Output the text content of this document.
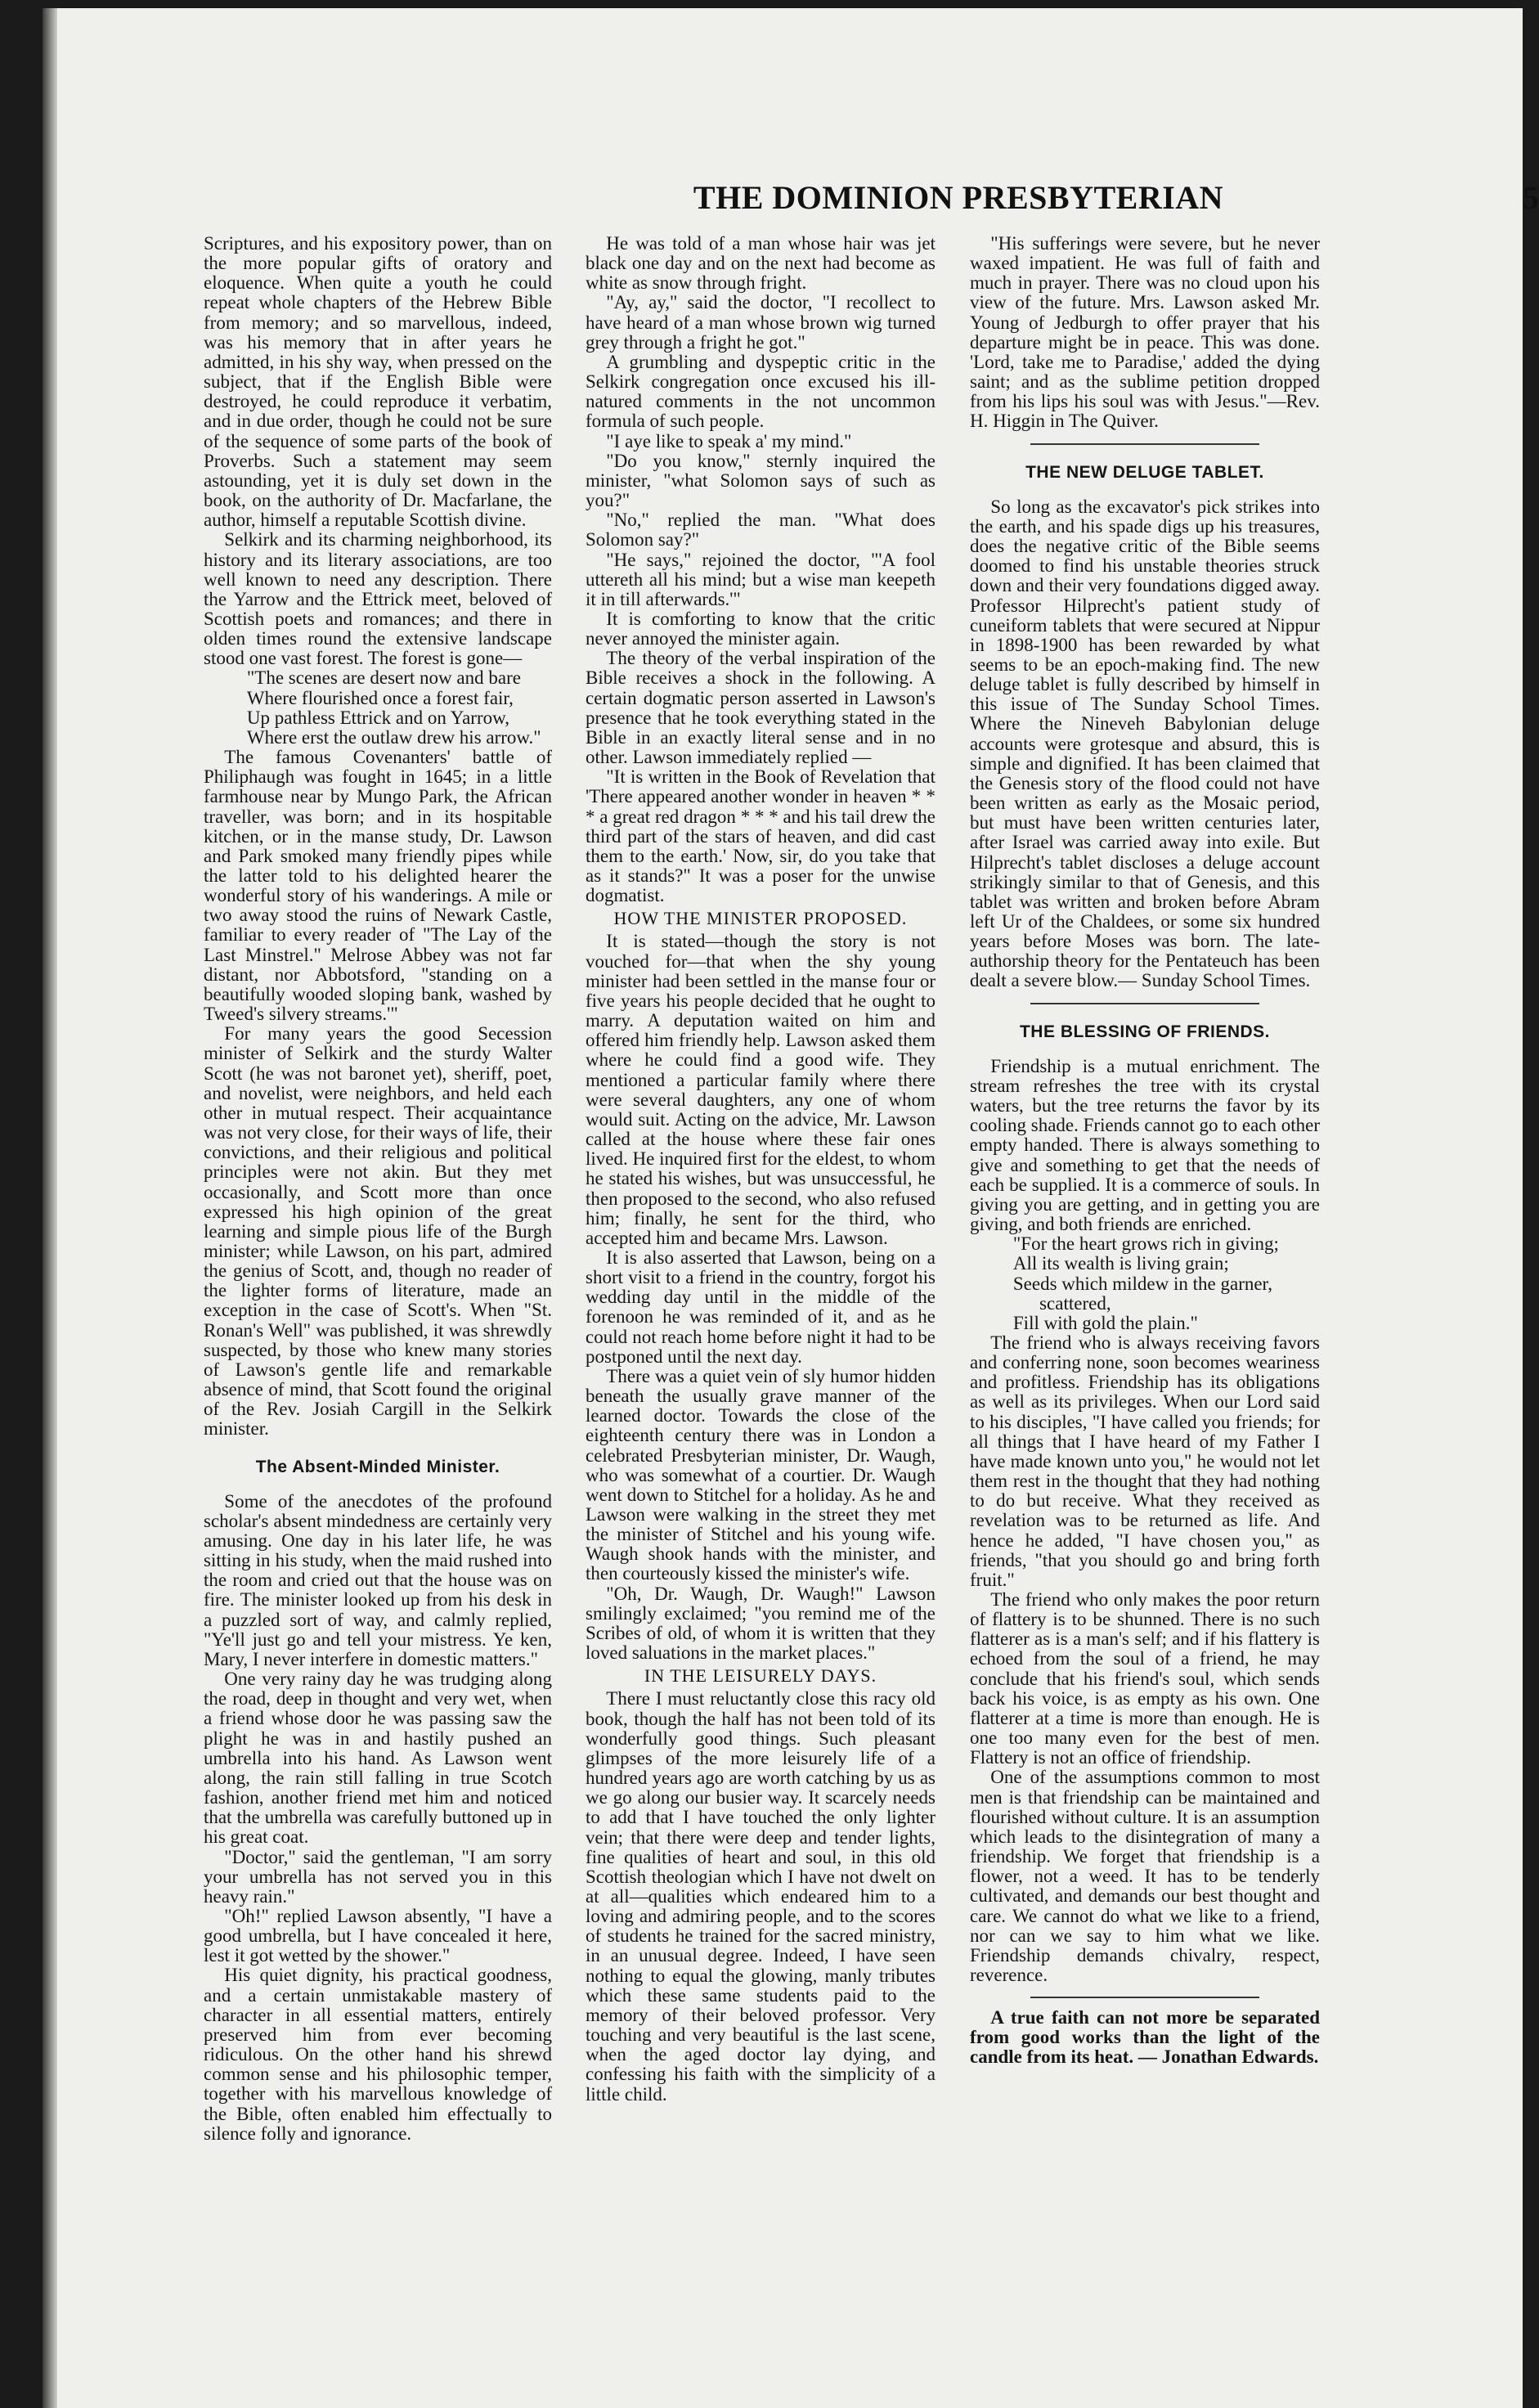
THE DOMINION PRESBYTERIAN	5

Scriptures, and his expository power, than on the more popular gifts of oratory and eloquence. When quite a youth he could repeat whole chapters of the Hebrew Bible from memory; and so marvellous, indeed, was his memory that in after years he admitted, in his shy way, when pressed on the subject, that if the English Bible were destroyed, he could reproduce it verbatim, and in due order, though he could not be sure of the sequence of some parts of the book of Proverbs. Such a statement may seem astounding, yet it is duly set down in the book, on the authority of Dr. Macfarlane, the author, himself a reputable Scottish divine.

Selkirk and its charming neighborhood, its history and its literary associations, are too well known to need any description. There the Yarrow and the Ettrick meet, beloved of Scottish poets and romances; and there in olden times round the extensive landscape stood one vast forest. The forest is gone—

"The scenes are desert now and bare

Where flourished once a forest fair,

Up pathless Ettrick and on Yarrow,

Where erst the outlaw drew his arrow."

The famous Covenanters' battle of Philiphaugh was fought in 1645; in a little farmhouse near by Mungo Park, the African traveller, was born; and in its hospitable kitchen, or in the manse study, Dr. Lawson and Park smoked many friendly pipes while the latter told to his delighted hearer the wonderful story of his wanderings. A mile or two away stood the ruins of Newark Castle, familiar to every reader of "The Lay of the Last Minstrel." Melrose Abbey was not far distant, nor Abbotsford, "standing on a beautifully wooded sloping bank, washed by Tweed's silvery streams.'"

For many years the good Secession minister of Selkirk and the sturdy Walter Scott (he was not baronet yet), sheriff, poet, and novelist, were neighbors, and held each other in mutual respect. Their acquaintance was not very close, for their ways of life, their convictions, and their religious and political principles were not akin. But they met occasionally, and Scott more than once expressed his high opinion of the great learning and simple pious life of the Burgh minister; while Lawson, on his part, admired the genius of Scott, and, though no reader of the lighter forms of literature, made an exception in the case of Scott's. When "St. Ronan's Well" was published, it was shrewdly suspected, by those who knew many stories of Lawson's gentle life and remarkable absence of mind, that Scott found the original of the Rev. Josiah Cargill in the Selkirk minister.

The Absent-Minded Minister.

Some of the anecdotes of the profound scholar's absent mindedness are certainly very amusing. One day in his later life, he was sitting in his study, when the maid rushed into the room and cried out that the house was on fire. The minister looked up from his desk in a puzzled sort of way, and calmly replied, "Ye'll just go and tell your mistress. Ye ken, Mary, I never interfere in domestic matters."

One very rainy day he was trudging along the road, deep in thought and very wet, when a friend whose door he was passing saw the plight he was in and hastily pushed an umbrella into his hand. As Lawson went along, the rain still falling in true Scotch fashion, another friend met him and noticed that the umbrella was carefully buttoned up in his great coat.

"Doctor," said the gentleman, "I am sorry your umbrella has not served you in this heavy rain."

"Oh!" replied Lawson absently, "I have a good umbrella, but I have concealed it here, lest it got wetted by the shower."

His quiet dignity, his practical goodness, and a certain unmistakable mastery of character in all essential matters, entirely preserved him from ever becoming ridiculous. On the other hand his shrewd common sense and his philosophic temper, together with his marvellous knowledge of the Bible, often enabled him effectually to silence folly and ignorance.

He was told of a man whose hair was jet black one day and on the next had become as white as snow through fright.

"Ay, ay," said the doctor, "I recollect to have heard of a man whose brown wig turned grey through a fright he got."

A grumbling and dyspeptic critic in the Selkirk congregation once excused his ill-natured comments in the not uncommon formula of such people.

"I aye like to speak a' my mind."

"Do you know," sternly inquired the minister, "what Solomon says of such as you?"

"No," replied the man. "What does Solomon say?"

"He says," rejoined the doctor, "'A fool uttereth all his mind; but a wise man keepeth it in till afterwards.'"

It is comforting to know that the critic never annoyed the minister again.

The theory of the verbal inspiration of the Bible receives a shock in the following. A certain dogmatic person asserted in Lawson's presence that he took everything stated in the Bible in an exactly literal sense and in no other. Lawson immediately replied —

"It is written in the Book of Revelation that 'There appeared another wonder in heaven * * * a great red dragon * * * and his tail drew the third part of the stars of heaven, and did cast them to the earth.' Now, sir, do you take that as it stands?" It was a poser for the unwise dogmatist.

HOW THE MINISTER PROPOSED.

It is stated—though the story is not vouched for—that when the shy young minister had been settled in the manse four or five years his people decided that he ought to marry. A deputation waited on him and offered him friendly help. Lawson asked them where he could find a good wife. They mentioned a particular family where there were several daughters, any one of whom would suit. Acting on the advice, Mr. Lawson called at the house where these fair ones lived. He inquired first for the eldest, to whom he stated his wishes, but was unsuccessful, he then proposed to the second, who also refused him; finally, he sent for the third, who accepted him and became Mrs. Lawson.

It is also asserted that Lawson, being on a short visit to a friend in the country, forgot his wedding day until in the middle of the forenoon he was reminded of it, and as he could not reach home before night it had to be postponed until the next day.

There was a quiet vein of sly humor hidden beneath the usually grave manner of the learned doctor. Towards the close of the eighteenth century there was in London a celebrated Presbyterian minister, Dr. Waugh, who was somewhat of a courtier. Dr. Waugh went down to Stitchel for a holiday. As he and Lawson were walking in the street they met the minister of Stitchel and his young wife. Waugh shook hands with the minister, and then courteously kissed the minister's wife.

"Oh, Dr. Waugh, Dr. Waugh!" Lawson smilingly exclaimed; "you remind me of the Scribes of old, of whom it is written that they loved saluations in the market places."

IN THE LEISURELY DAYS.

There I must reluctantly close this racy old book, though the half has not been told of its wonderfully good things. Such pleasant glimpses of the more leisurely life of a hundred years ago are worth catching by us as we go along our busier way. It scarcely needs to add that I have touched the only lighter vein; that there were deep and tender lights, fine qualities of heart and soul, in this old Scottish theologian which I have not dwelt on at all—qualities which endeared him to a loving and admiring people, and to the scores of students he trained for the sacred ministry, in an unusual degree. Indeed, I have seen nothing to equal the glowing, manly tributes which these same students paid to the memory of their beloved professor. Very touching and very beautiful is the last scene, when the aged doctor lay dying, and confessing his faith with the simplicity of a little child.

"His sufferings were severe, but he never waxed impatient. He was full of faith and much in prayer. There was no cloud upon his view of the future. Mrs. Lawson asked Mr. Young of Jedburgh to offer prayer that his departure might be in peace. This was done. 'Lord, take me to Paradise,' added the dying saint; and as the sublime petition dropped from his lips his soul was with Jesus."—Rev. H. Higgin in The Quiver.

THE NEW DELUGE TABLET.

So long as the excavator's pick strikes into the earth, and his spade digs up his treasures, does the negative critic of the Bible seems doomed to find his unstable theories struck down and their very foundations digged away. Professor Hilprecht's patient study of cuneiform tablets that were secured at Nippur in 1898-1900 has been rewarded by what seems to be an epoch-making find. The new deluge tablet is fully described by himself in this issue of The Sunday School Times. Where the Nineveh Babylonian deluge accounts were grotesque and absurd, this is simple and dignified. It has been claimed that the Genesis story of the flood could not have been written as early as the Mosaic period, but must have been written centuries later, after Israel was carried away into exile. But Hilprecht's tablet discloses a deluge account strikingly similar to that of Genesis, and this tablet was written and broken before Abram left Ur of the Chaldees, or some six hundred years before Moses was born. The late-authorship theory for the Pentateuch has been dealt a severe blow.— Sunday School Times.

THE BLESSING OF FRIENDS.

Friendship is a mutual enrichment. The stream refreshes the tree with its crystal waters, but the tree returns the favor by its cooling shade. Friends cannot go to each other empty handed. There is always something to give and something to get that the needs of each be supplied. It is a commerce of souls. In giving you are getting, and in getting you are giving, and both friends are enriched.

"For the heart grows rich in giving;

All its wealth is living grain;

Seeds which mildew in the garner,

scattered,

Fill with gold the plain."

The friend who is always receiving favors and conferring none, soon becomes weariness and profitless. Friendship has its obligations as well as its privileges. When our Lord said to his disciples, "I have called you friends; for all things that I have heard of my Father I have made known unto you," he would not let them rest in the thought that they had nothing to do but receive. What they received as revelation was to be returned as life. And hence he added, "I have chosen you," as friends, "that you should go and bring forth fruit."

The friend who only makes the poor return of flattery is to be shunned. There is no such flatterer as is a man's self; and if his flattery is echoed from the soul of a friend, he may conclude that his friend's soul, which sends back his voice, is as empty as his own. One flatterer at a time is more than enough. He is one too many even for the best of men. Flattery is not an office of friendship.

One of the assumptions common to most men is that friendship can be maintained and flourished without culture. It is an assumption which leads to the disintegration of many a friendship. We forget that friendship is a flower, not a weed. It has to be tenderly cultivated, and demands our best thought and care. We cannot do what we like to a friend, nor can we say to him what we like. Friendship demands chivalry, respect, reverence.

A true faith can not more be separated from good works than the light of the candle from its heat. — Jonathan Edwards.
